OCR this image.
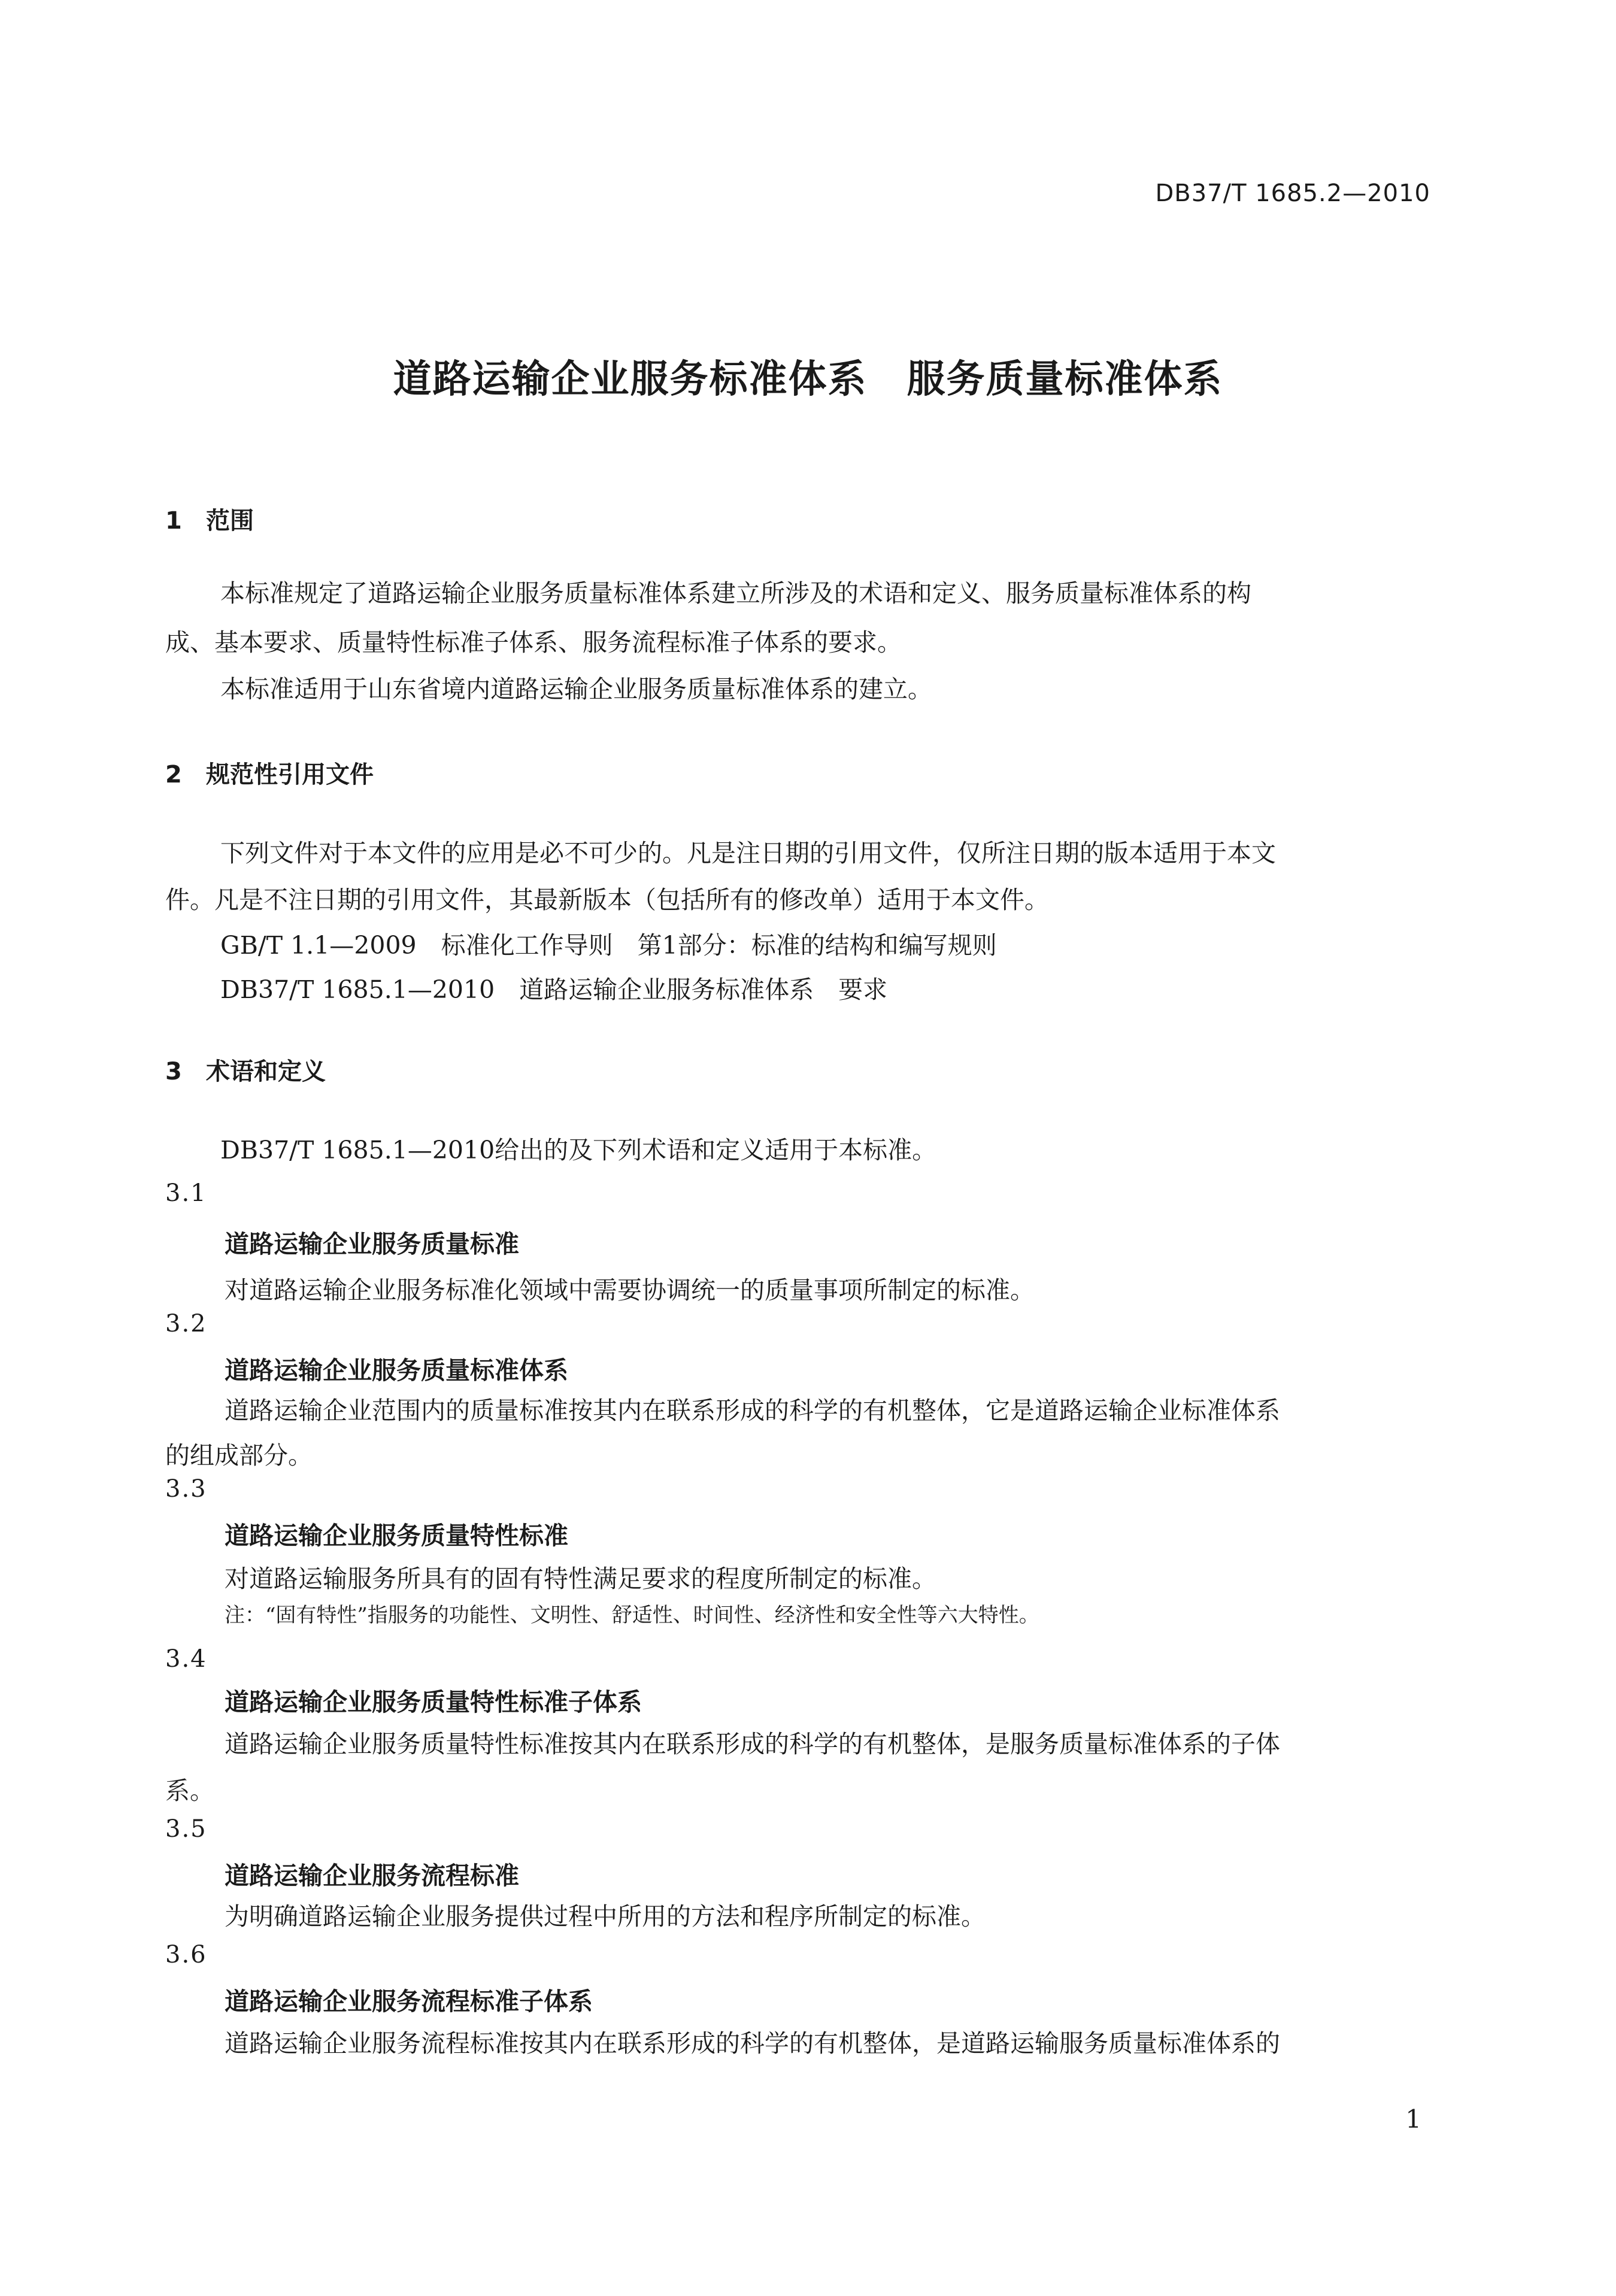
DB37/T 1685.2—2010
道路运输企业服务标准体系　服务质量标准体系
1 范围
本标准规定了道路运输企业服务质量标准体系建立所涉及的术语和定义、服务质量标准体系的构
成、基本要求、质量特性标准子体系、服务流程标准子体系的要求。
本标准适用于山东省境内道路运输企业服务质量标准体系的建立。
2 规范性引用文件
下列文件对于本文件的应用是必不可少的。凡是注日期的引用文件，仅所注日期的版本适用于本文
件。凡是不注日期的引用文件，其最新版本（包括所有的修改单）适用于本文件。
GB/T 1.1—2009　标准化工作导则　第1部分：标准的结构和编写规则
DB37/T 1685.1—2010　道路运输企业服务标准体系　要求
3 术语和定义
DB37/T 1685.1—2010给出的及下列术语和定义适用于本标准。
3.1
道路运输企业服务质量标准
对道路运输企业服务标准化领域中需要协调统一的质量事项所制定的标准。
3.2
道路运输企业服务质量标准体系
道路运输企业范围内的质量标准按其内在联系形成的科学的有机整体，它是道路运输企业标准体系
的组成部分。
3.3
道路运输企业服务质量特性标准
对道路运输服务所具有的固有特性满足要求的程度所制定的标准。
注：“固有特性”指服务的功能性、文明性、舒适性、时间性、经济性和安全性等六大特性。
3.4
道路运输企业服务质量特性标准子体系
道路运输企业服务质量特性标准按其内在联系形成的科学的有机整体，是服务质量标准体系的子体
系。
3.5
道路运输企业服务流程标准
为明确道路运输企业服务提供过程中所用的方法和程序所制定的标准。
3.6
道路运输企业服务流程标准子体系
道路运输企业服务流程标准按其内在联系形成的科学的有机整体，是道路运输服务质量标准体系的
1
